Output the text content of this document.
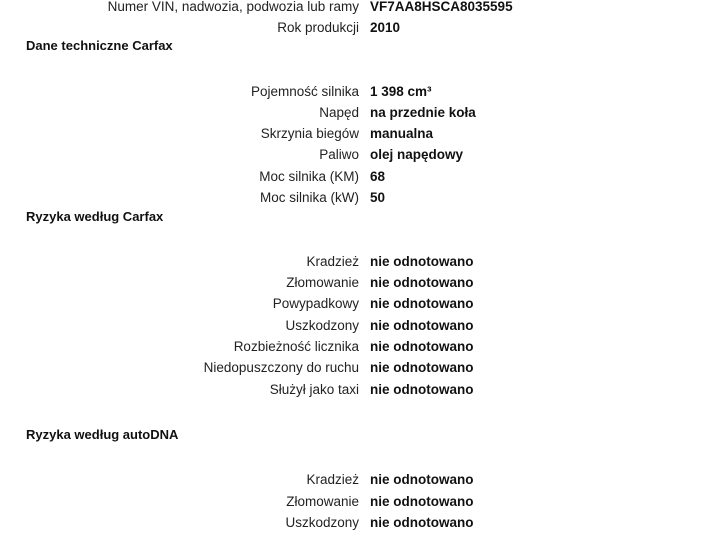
Numer VIN, nadwozia, podwozia lub ramy VF7AA8HSCA8035595
Rok produkcji 2010
Dane techniczne Carfax
Pojemność silnika 1 398 cm³
Napęd na przednie koła
Skrzynia biegów manualna
Paliwo olej napędowy
Moc silnika (KM) 68
Moc silnika (kW) 50
Ryzyka według Carfax
Kradzież nie odnotowano
Złomowanie nie odnotowano
Powypadkowy nie odnotowano
Uszkodzony nie odnotowano
Rozbieżność licznika nie odnotowano
Niedopuszczony do ruchu nie odnotowano
Służył jako taxi nie odnotowano
Ryzyka według autoDNA
Kradzież nie odnotowano
Złomowanie nie odnotowano
Uszkodzony nie odnotowano
